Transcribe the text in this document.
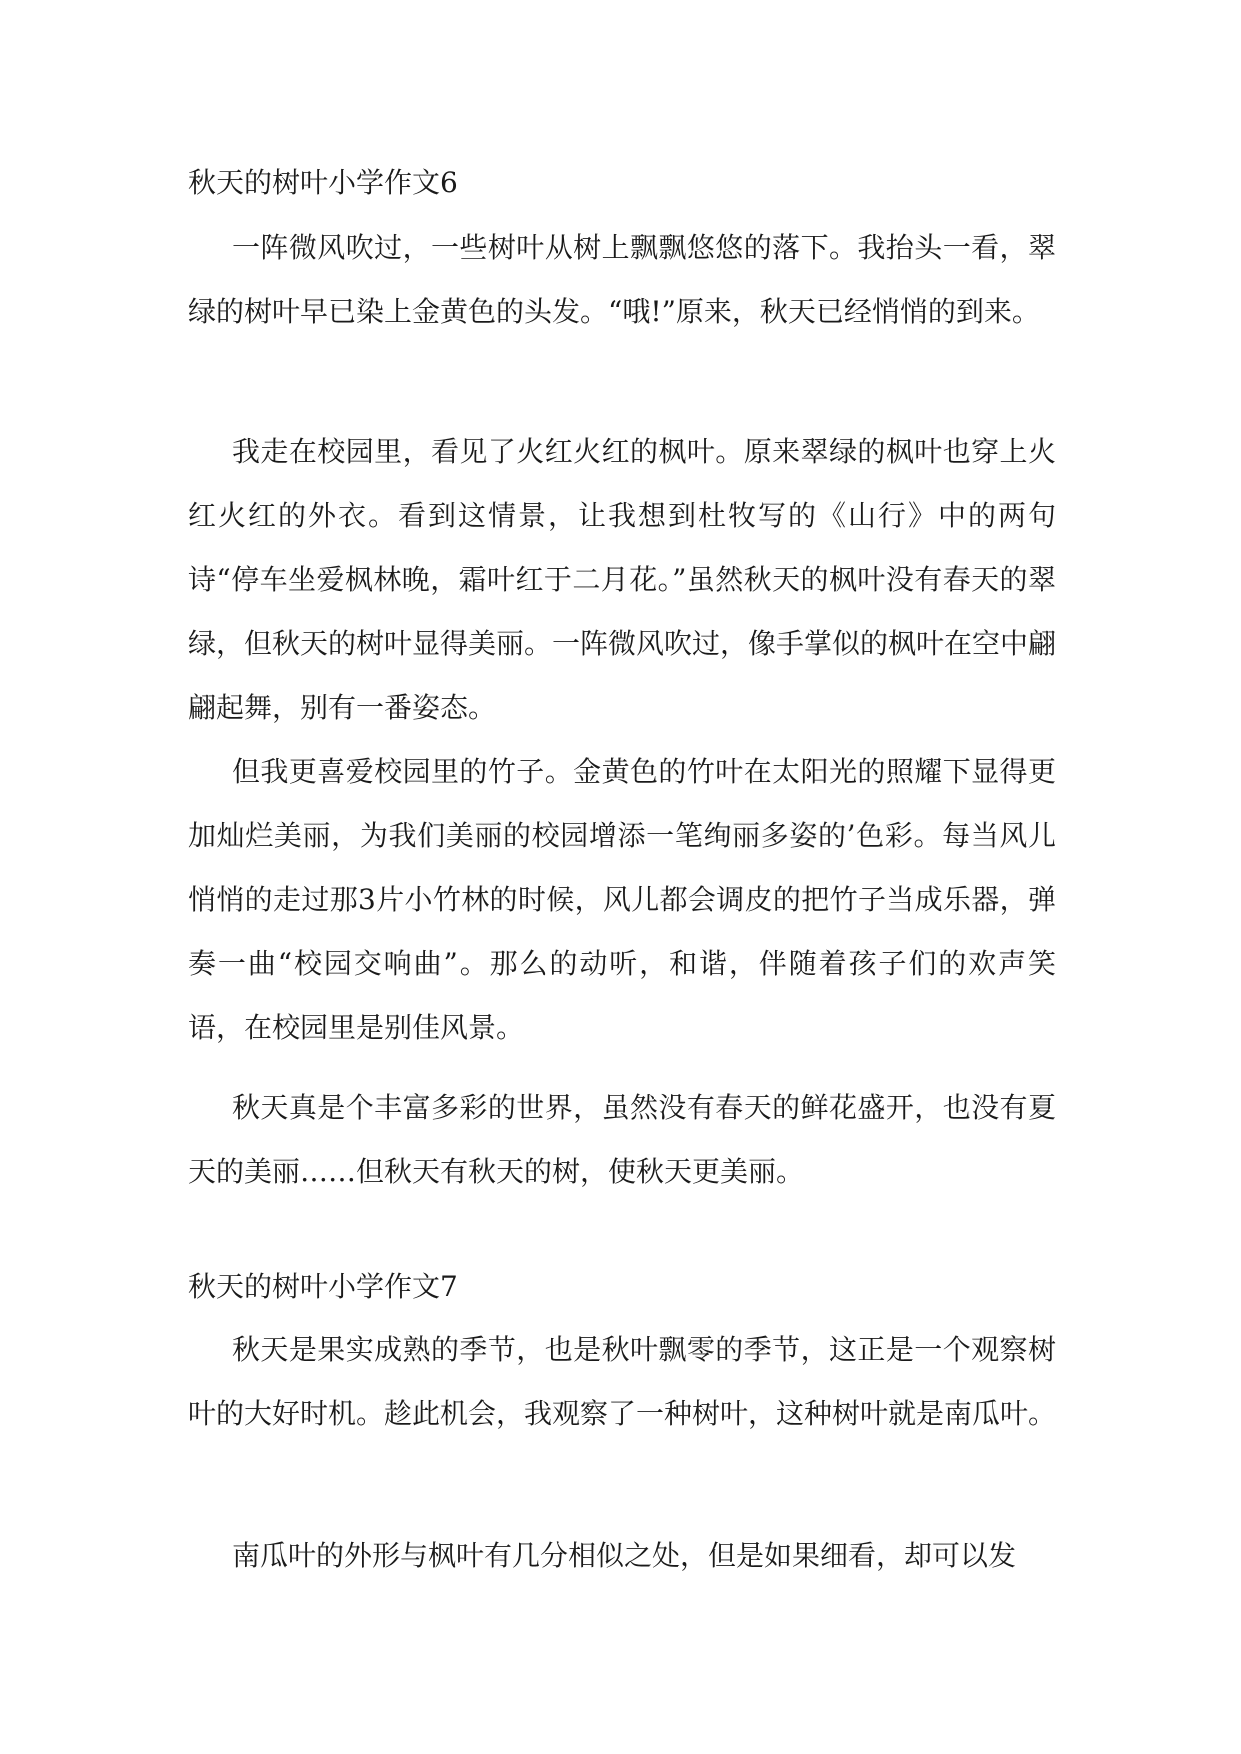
秋天的树叶小学作文6
一阵微风吹过，一些树叶从树上飘飘悠悠的落下。我抬头一看，翠绿的树叶早已染上金黄色的头发。“哦!”原来，秋天已经悄悄的到来。
我走在校园里，看见了火红火红的枫叶。原来翠绿的枫叶也穿上火红火红的外衣。看到这情景，让我想到杜牧写的《山行》中的两句诗“停车坐爱枫林晚，霜叶红于二月花。”虽然秋天的枫叶没有春天的翠绿，但秋天的树叶显得美丽。一阵微风吹过，像手掌似的枫叶在空中翩翩起舞，别有一番姿态。
但我更喜爱校园里的竹子。金黄色的竹叶在太阳光的照耀下显得更加灿烂美丽，为我们美丽的校园增添一笔绚丽多姿的’色彩。每当风儿悄悄的走过那3片小竹林的时候，风儿都会调皮的把竹子当成乐器，弹奏一曲“校园交响曲”。那么的动听，和谐，伴随着孩子们的欢声笑语，在校园里是别佳风景。
秋天真是个丰富多彩的世界，虽然没有春天的鲜花盛开，也没有夏天的美丽……但秋天有秋天的树，使秋天更美丽。
秋天的树叶小学作文7
秋天是果实成熟的季节，也是秋叶飘零的季节，这正是一个观察树叶的大好时机。趁此机会，我观察了一种树叶，这种树叶就是南瓜叶。
南瓜叶的外形与枫叶有几分相似之处，但是如果细看，却可以发
